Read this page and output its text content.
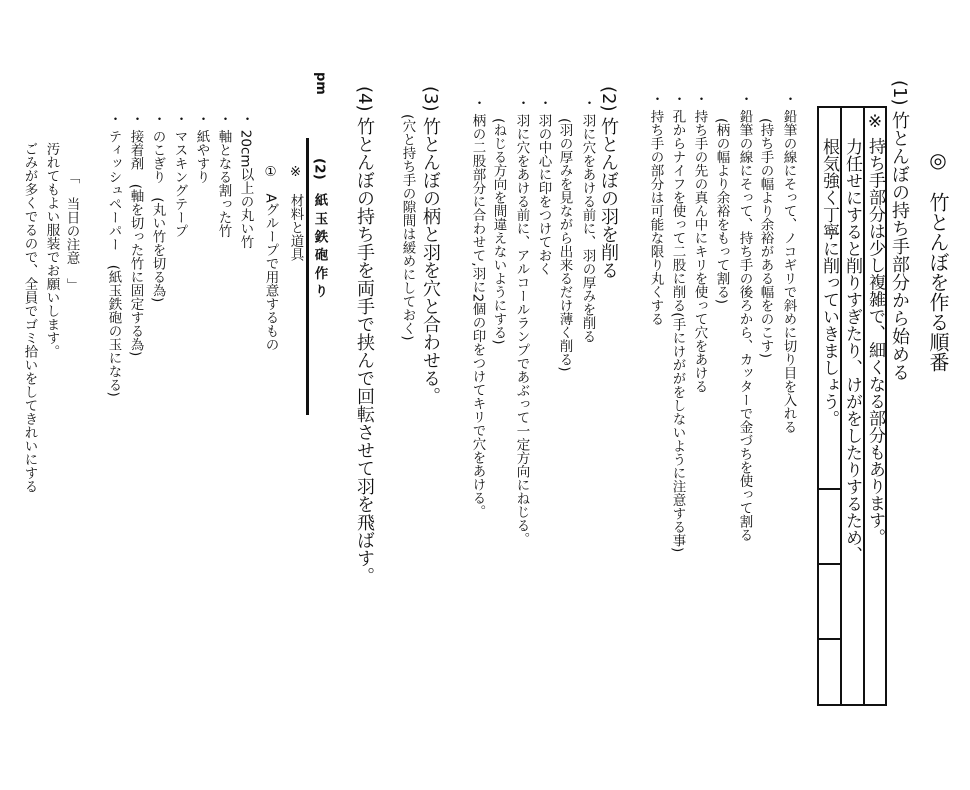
◎　竹とんぼを作る順番
(1) 竹とんぼの持ち手部分から始める
※ 持ち手部分は少し複雑で、細くなる部分もあります。
力任せにすると削りすぎたり、けがをしたりするため、
根気強く丁寧に削っていきましょう。
・ 鉛筆の線にそって、ノコギリで斜めに切り目を入れる
(持ち手の幅より余裕がある幅をのこす)
・ 鉛筆の線にそって、持ち手の後ろから、カッターで金づちを使って割る
(柄の幅より余裕をもって割る)
・ 持ち手の先の真ん中にキリを使って穴をあける
・ 孔からナイフを使って二股に削る(手にけががをしないように注意する事)
・ 持ち手の部分は可能な限り丸くする
(2) 竹とんぼの羽を削る
・ 羽に穴をあける前に、羽の厚みを削る
(羽の厚みを見ながら出来るだけ薄く削る)
・ 羽の中心に印をつけておく
・ 羽に穴をあける前に、アルコールランプであぶって一定方向にねじる。
(ねじる方向を間違えないようにする)
・ 柄の二股部分に合わせて,羽に2個の印をつけてキリで穴をあける。
(3) 竹とんぼの柄と羽を穴と合わせる。
(穴と持ち手の隙間は緩めにしておく)
(4) 竹とんぼの持ち手を両手で挟んで回転させて羽を飛ばす。
pm
(2)　紙 玉 鉄 砲 作 り
※　材料と道具
①　Aグループで用意するもの
・ 20cm以上の丸い竹
・ 軸となる割った竹
・ 紙やすり
・ マスキングテープ
・ のこぎり　(丸い竹を切る為)
・ 接着剤　(軸を切った竹に固定する為)
・ ティッシュペーパー　(紙玉鉄砲の玉になる)
「　当日の注意　」
汚れてもよい服装でお願いします。
ごみが多くでるので、全員でゴミ拾いをしてきれいにする
